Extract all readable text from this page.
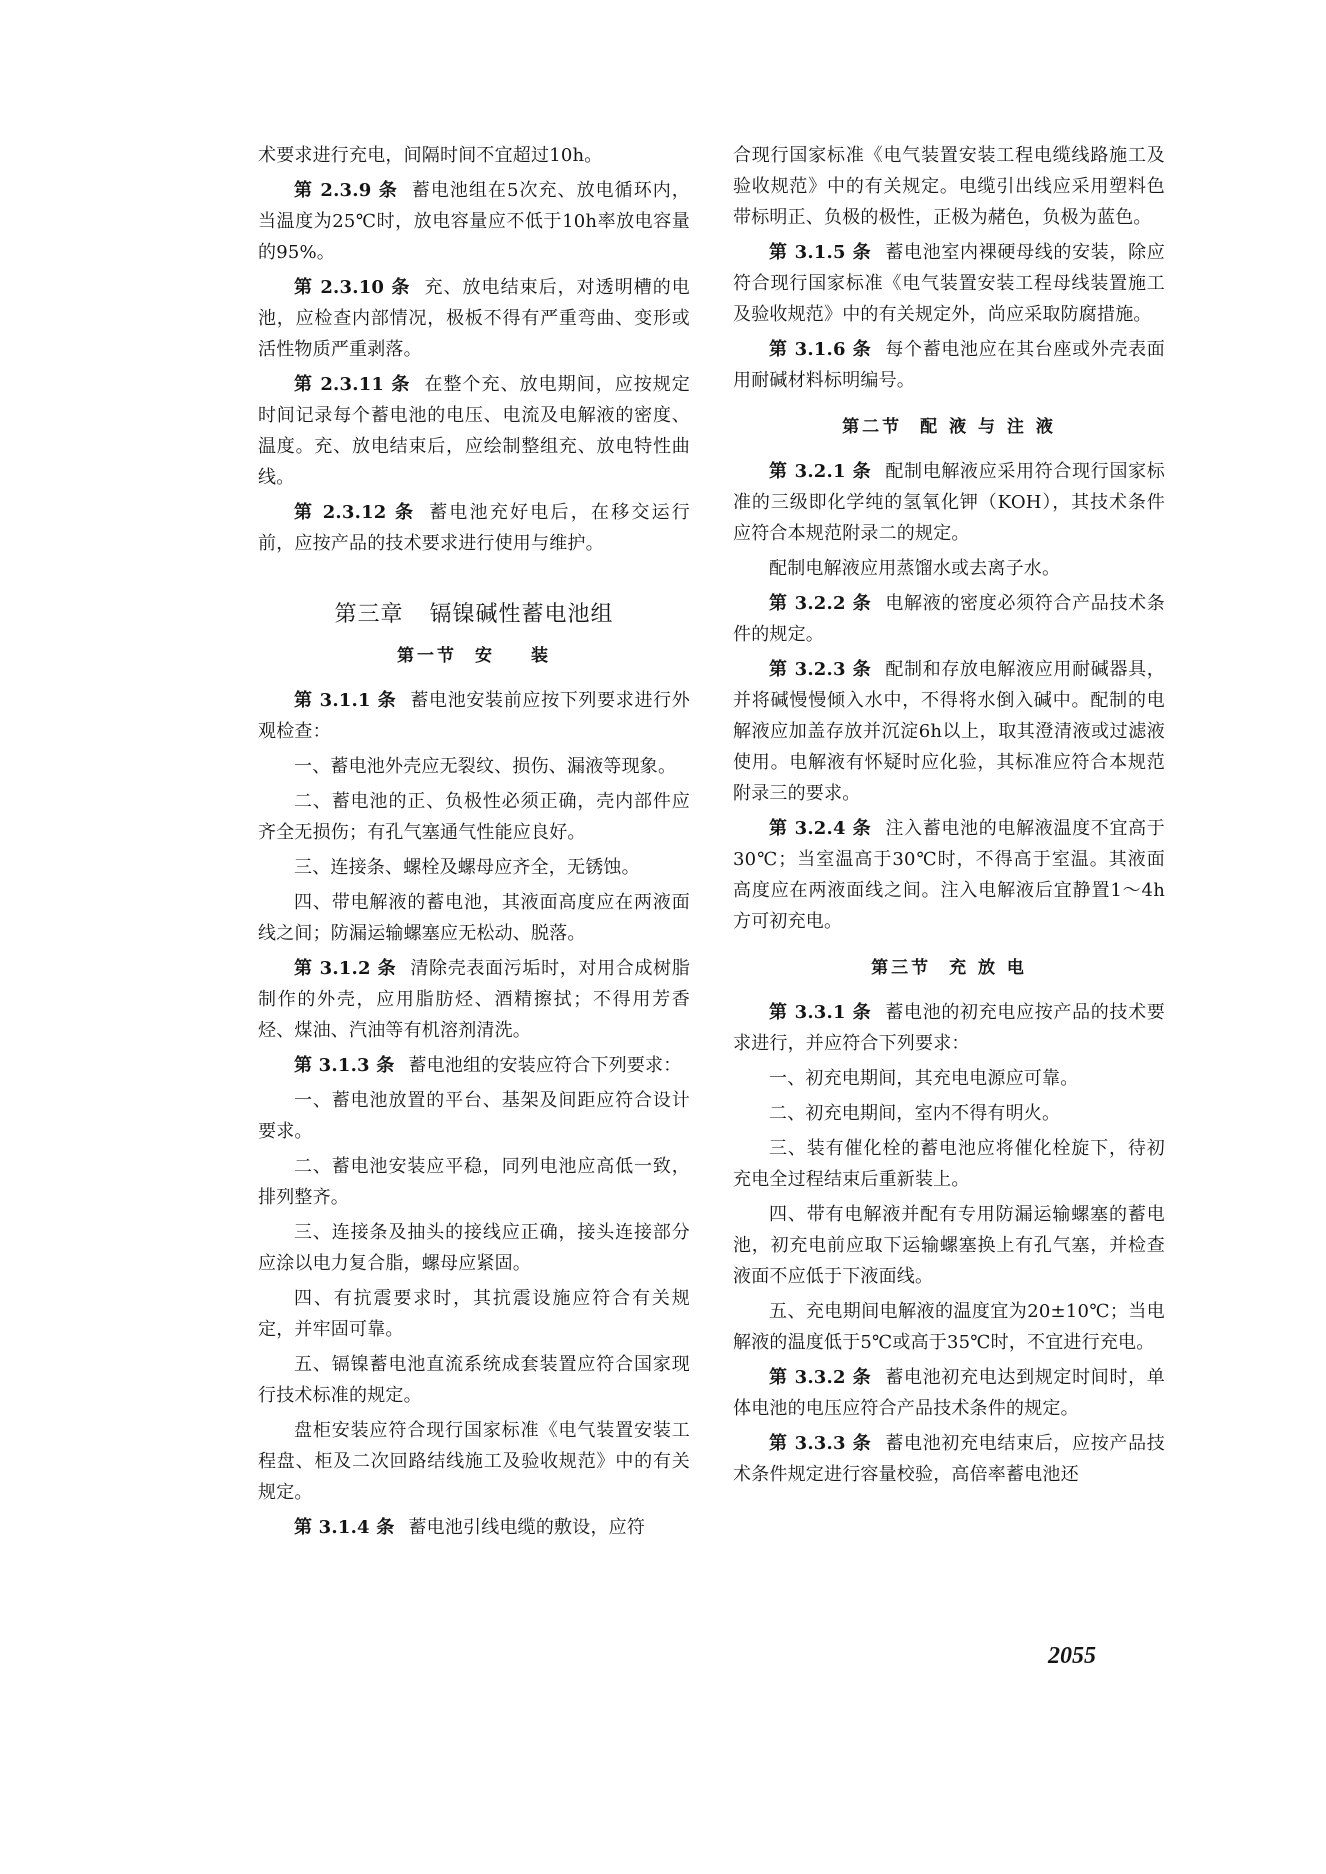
术要求进行充电，间隔时间不宜超过10h。

第 2.3.9 条 蓄电池组在5次充、放电循环内，当温度为25℃时，放电容量应不低于10h率放电容量的95%。

第 2.3.10 条 充、放电结束后，对透明槽的电池，应检查内部情况，极板不得有严重弯曲、变形或活性物质严重剥落。

第 2.3.11 条 在整个充、放电期间，应按规定时间记录每个蓄电池的电压、电流及电解液的密度、温度。充、放电结束后，应绘制整组充、放电特性曲线。

第 2.3.12 条 蓄电池充好电后，在移交运行前，应按产品的技术要求进行使用与维护。

第三章 镉镍碱性蓄电池组
第一节 安 装

第 3.1.1 条 蓄电池安装前应按下列要求进行外观检查：

一、蓄电池外壳应无裂纹、损伤、漏液等现象。

二、蓄电池的正、负极性必须正确，壳内部件应齐全无损伤；有孔气塞通气性能应良好。

三、连接条、螺栓及螺母应齐全，无锈蚀。

四、带电解液的蓄电池，其液面高度应在两液面线之间；防漏运输螺塞应无松动、脱落。

第 3.1.2 条 清除壳表面污垢时，对用合成树脂制作的外壳，应用脂肪烃、酒精擦拭；不得用芳香烃、煤油、汽油等有机溶剂清洗。

第 3.1.3 条 蓄电池组的安装应符合下列要求：

一、蓄电池放置的平台、基架及间距应符合设计要求。

二、蓄电池安装应平稳，同列电池应高低一致，排列整齐。

三、连接条及抽头的接线应正确，接头连接部分应涂以电力复合脂，螺母应紧固。

四、有抗震要求时，其抗震设施应符合有关规定，并牢固可靠。

五、镉镍蓄电池直流系统成套装置应符合国家现行技术标准的规定。

盘柜安装应符合现行国家标准《电气装置安装工程盘、柜及二次回路结线施工及验收规范》中的有关规定。

第 3.1.4 条 蓄电池引线电缆的敷设，应符

合现行国家标准《电气装置安装工程电缆线路施工及验收规范》中的有关规定。电缆引出线应采用塑料色带标明正、负极的极性，正极为赭色，负极为蓝色。

第 3.1.5 条 蓄电池室内裸硬母线的安装，除应符合现行国家标准《电气装置安装工程母线装置施工及验收规范》中的有关规定外，尚应采取防腐措施。

第 3.1.6 条 每个蓄电池应在其台座或外壳表面用耐碱材料标明编号。

第二节 配 液 与 注 液

第 3.2.1 条 配制电解液应采用符合现行国家标准的三级即化学纯的氢氧化钾（KOH），其技术条件应符合本规范附录二的规定。

配制电解液应用蒸馏水或去离子水。

第 3.2.2 条 电解液的密度必须符合产品技术条件的规定。

第 3.2.3 条 配制和存放电解液应用耐碱器具，并将碱慢慢倾入水中，不得将水倒入碱中。配制的电解液应加盖存放并沉淀6h以上，取其澄清液或过滤液使用。电解液有怀疑时应化验，其标准应符合本规范附录三的要求。

第 3.2.4 条 注入蓄电池的电解液温度不宜高于30℃；当室温高于30℃时，不得高于室温。其液面高度应在两液面线之间。注入电解液后宜静置1～4h方可初充电。

第三节 充 放 电

第 3.3.1 条 蓄电池的初充电应按产品的技术要求进行，并应符合下列要求：

一、初充电期间，其充电电源应可靠。

二、初充电期间，室内不得有明火。

三、装有催化栓的蓄电池应将催化栓旋下，待初充电全过程结束后重新装上。

四、带有电解液并配有专用防漏运输螺塞的蓄电池，初充电前应取下运输螺塞换上有孔气塞，并检查液面不应低于下液面线。

五、充电期间电解液的温度宜为20±10℃；当电解液的温度低于5℃或高于35℃时，不宜进行充电。

第 3.3.2 条 蓄电池初充电达到规定时间时，单体电池的电压应符合产品技术条件的规定。

第 3.3.3 条 蓄电池初充电结束后，应按产品技术条件规定进行容量校验，高倍率蓄电池还

2055
